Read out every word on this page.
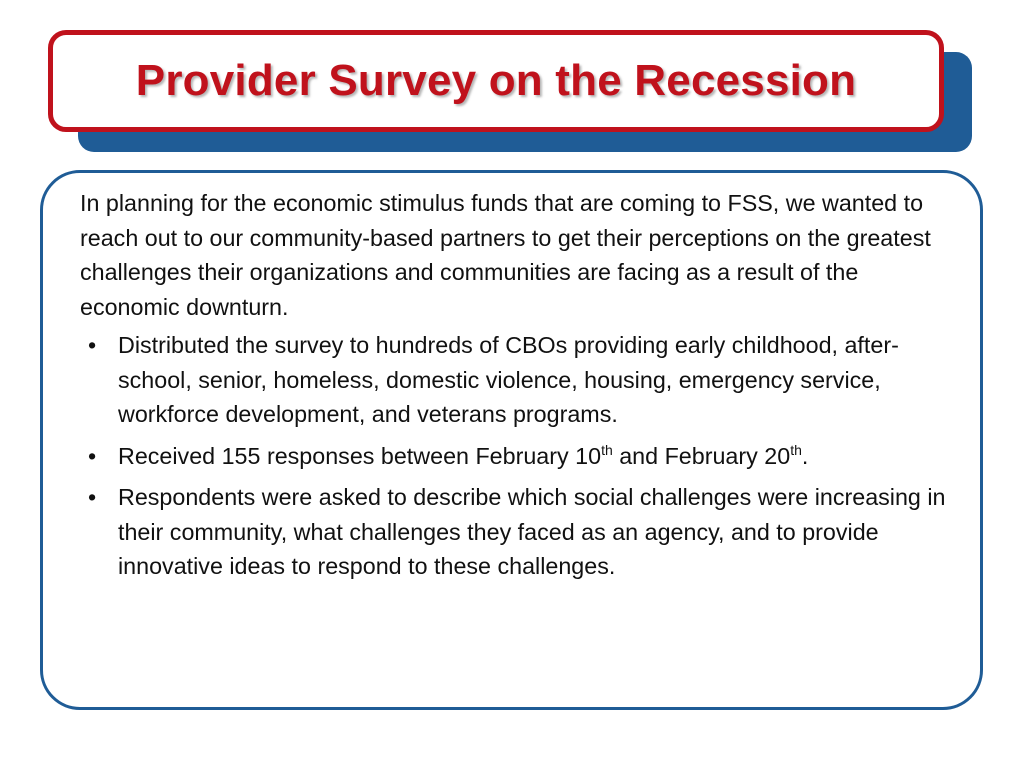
Provider Survey on the Recession

In planning for the economic stimulus funds that are coming to FSS, we wanted to reach out to our community-based partners to get their perceptions on the greatest challenges their organizations and communities are facing as a result of the economic downturn.

• Distributed the survey to hundreds of CBOs providing early childhood, after-school, senior, homeless, domestic violence, housing, emergency service, workforce development, and veterans programs.
• Received 155 responses between February 10th and February 20th.
• Respondents were asked to describe which social challenges were increasing in their community, what challenges they faced as an agency, and to provide innovative ideas to respond to these challenges.
